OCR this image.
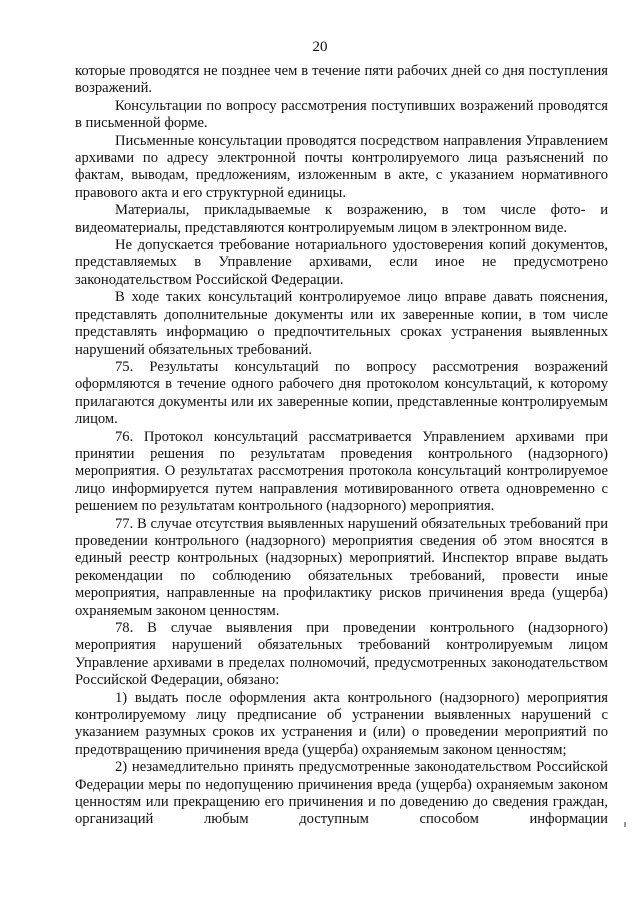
20

которые проводятся не позднее чем в течение пяти рабочих дней со дня поступления возражений.

Консультации по вопросу рассмотрения поступивших возражений проводятся в письменной форме.

Письменные консультации проводятся посредством направления Управлением архивами по адресу электронной почты контролируемого лица разъяснений по фактам, выводам, предложениям, изложенным в акте, с указанием нормативного правового акта и его структурной единицы.

Материалы, прикладываемые к возражению, в том числе фото- и видеоматериалы, представляются контролируемым лицом в электронном виде.

Не допускается требование нотариального удостоверения копий документов, представляемых в Управление архивами, если иное не предусмотрено законодательством Российской Федерации.

В ходе таких консультаций контролируемое лицо вправе давать пояснения, представлять дополнительные документы или их заверенные копии, в том числе представлять информацию о предпочтительных сроках устранения выявленных нарушений обязательных требований.

75. Результаты консультаций по вопросу рассмотрения возражений оформляются в течение одного рабочего дня протоколом консультаций, к которому прилагаются документы или их заверенные копии, представленные контролируемым лицом.

76. Протокол консультаций рассматривается Управлением архивами при принятии решения по результатам проведения контрольного (надзорного) мероприятия. О результатах рассмотрения протокола консультаций контролируемое лицо информируется путем направления мотивированного ответа одновременно с решением по результатам контрольного (надзорного) мероприятия.

77. В случае отсутствия выявленных нарушений обязательных требований при проведении контрольного (надзорного) мероприятия сведения об этом вносятся в единый реестр контрольных (надзорных) мероприятий. Инспектор вправе выдать рекомендации по соблюдению обязательных требований, провести иные мероприятия, направленные на профилактику рисков причинения вреда (ущерба) охраняемым законом ценностям.

78. В случае выявления при проведении контрольного (надзорного) мероприятия нарушений обязательных требований контролируемым лицом Управление архивами в пределах полномочий, предусмотренных законодательством Российской Федерации, обязано:

1) выдать после оформления акта контрольного (надзорного) мероприятия контролируемому лицу предписание об устранении выявленных нарушений с указанием разумных сроков их устранения и (или) о проведении мероприятий по предотвращению причинения вреда (ущерба) охраняемым законом ценностям;

2) незамедлительно принять предусмотренные законодательством Российской Федерации меры по недопущению причинения вреда (ущерба) охраняемым законом ценностям или прекращению его причинения и по доведению до сведения граждан, организаций любым доступным способом информации
